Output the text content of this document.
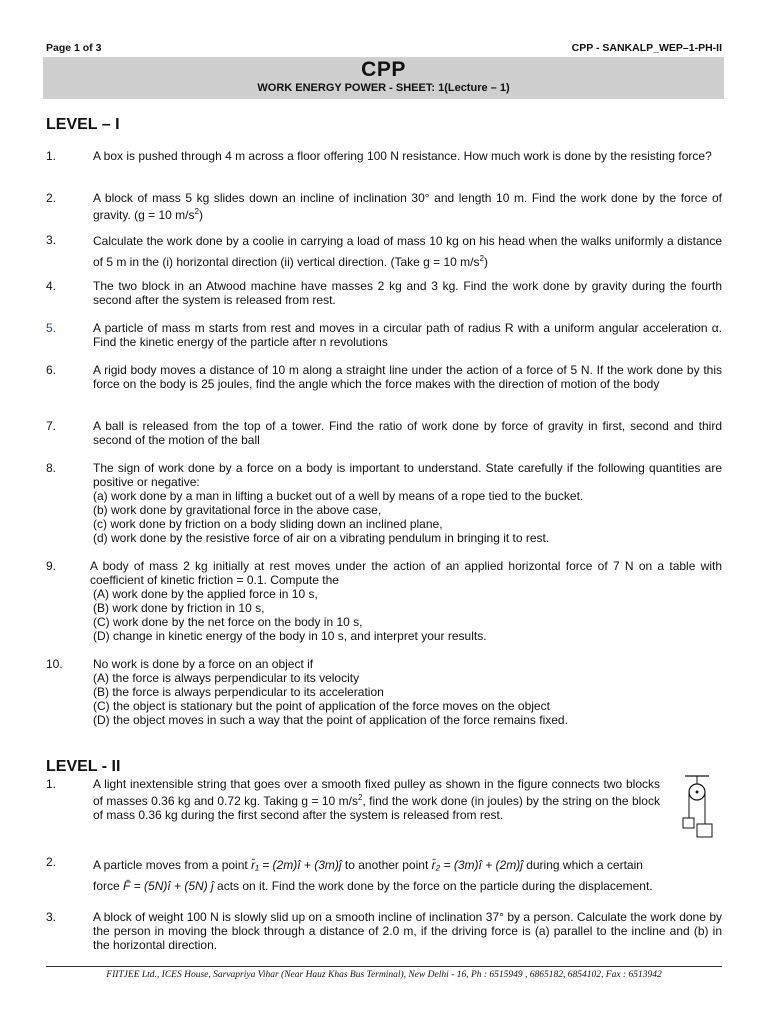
Page 1 of 3	CPP - SANKALP_WEP–1-PH-II
CPP
WORK ENERGY POWER - SHEET: 1(Lecture – 1)
LEVEL – I
1.	A box is pushed through 4 m across a floor offering 100 N resistance. How much work is done by the resisting force?
2.	A block of mass 5 kg slides down an incline of inclination 30° and length 10 m. Find the work done by the force of gravity. (g = 10 $m/s^2$)
3.	Calculate the work done by a coolie in carrying a load of mass 10 kg on his head when the walks uniformly a distance of 5 m in the (i) horizontal direction (ii) vertical direction. (Take g = 10 $m/s^2$)
4.	The two block in an Atwood machine have masses 2 kg and 3 kg. Find the work done by gravity during the fourth second after the system is released from rest.
5.	A particle of mass m starts from rest and moves in a circular path of radius R with a uniform angular acceleration α. Find the kinetic energy of the particle after n revolutions
6.	A rigid body moves a distance of 10 m along a straight line under the action of a force of 5 N. If the work done by this force on the body is 25 joules, find the angle which the force makes with the direction of motion of the body
7.	A ball is released from the top of a tower. Find the ratio of work done by force of gravity in first, second and third second of the motion of the ball
8.	The sign of work done by a force on a body is important to understand. State carefully if the following quantities are positive or negative:
(a) work done by a man in lifting a bucket out of a well by means of a rope tied to the bucket.
(b) work done by gravitational force in the above case,
(c) work done by friction on a body sliding down an inclined plane,
(d) work done by the resistive force of air on a vibrating pendulum in bringing it to rest.
9.	A body of mass 2 kg initially at rest moves under the action of an applied horizontal force of 7 N on a table with coefficient of kinetic friction = 0.1. Compute the
(A) work done by the applied force in 10 s,
(B) work done by friction in 10 s,
(C) work done by the net force on the body in 10 s,
(D) change in kinetic energy of the body in 10 s, and interpret your results.
10.	No work is done by a force on an object if
(A) the force is always perpendicular to its velocity
(B) the force is always perpendicular to its acceleration
(C) the object is stationary but the point of application of the force moves on the object
(D) the object moves in such a way that the point of application of the force remains fixed.
LEVEL - II
1.	A light inextensible string that goes over a smooth fixed pulley as shown in the figure connects two blocks of masses 0.36 kg and 0.72 kg. Taking g = 10 $m/s^2$, find the work done (in joules) by the string on the block of mass 0.36 kg during the first second after the system is released from rest.
2.	A particle moves from a point r̄₁ = (2m)î + (3m)ĵ to another point r̄₂ = (3m)î + (2m)ĵ during which a certain
force F̄ = (5N)î + (5N) ĵ acts on it. Find the work done by the force on the particle during the displacement.
3.	A block of weight 100 N is slowly slid up on a smooth incline of inclination 37° by a person. Calculate the work done by the person in moving the block through a distance of 2.0 m, if the driving force is (a) parallel to the incline and (b) in the horizontal direction.
FIITJEE Ltd., ICES House, Sarvapriya Vihar (Near Hauz Khas Bus Terminal), New Delhi - 16, Ph : 6515949 , 6865182, 6854102, Fax : 6513942
